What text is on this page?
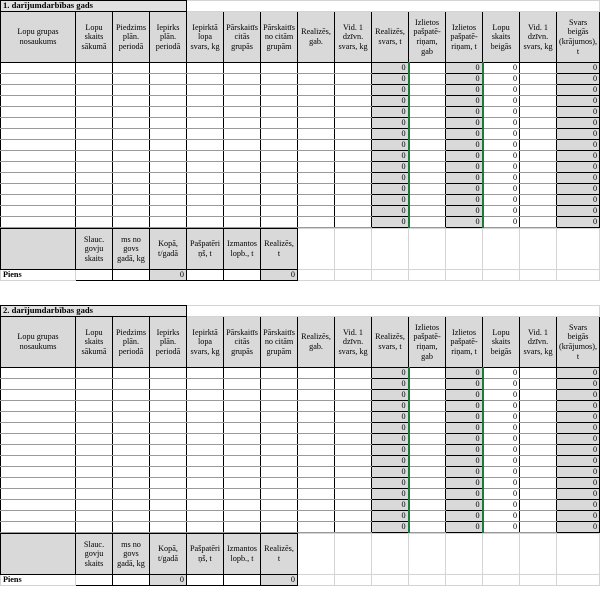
1. darījumdarbības gads														
Lopu grupas nosaukums	Lopu skaits sākumā	Piedzims plān. periodā	Iepirks plān. periodā	Iepirktā lopa svars, kg	Pārskaitīs citās grupās	Pārskaitīs no citām grupām	Realizēs, gab.	Vid. 1 dzīvn. svars, kg	Realizēs, svars, t	Izlietos pašpatē-riņam, gab	Izlietos pašpatē-riņam, t	Lopu skaits beigās	Vid. 1 dzīvn. svars, kg	Svars beigās (krājumos), t
									0		0	0		0
									0		0	0		0
									0		0	0		0
									0		0	0		0
									0		0	0		0
									0		0	0		0
									0		0	0		0
									0		0	0		0
									0		0	0		0
									0		0	0		0
									0		0	0		0
									0		0	0		0
									0		0	0		0
									0		0	0		0
									0		0	0		0
	Slauc. govju skaits	ms no govs gadā, kg	Kopā, t/gadā	Pašpatēri ņš, t	Izmantos lopb., t	Realizēs, t								
Piens			0			0								
2. darījumdarbības gads														
Lopu grupas nosaukums	Lopu skaits sākumā	Piedzims plān. periodā	Iepirks plān. periodā	Iepirktā lopa svars, kg	Pārskaitīs citās grupās	Pārskaitīs no citām grupām	Realizēs, gab.	Vid. 1 dzīvn. svars, kg	Realizēs, svars, t	Izlietos pašpatē-riņam, gab	Izlietos pašpatē-riņam, t	Lopu skaits beigās	Vid. 1 dzīvn. svars, kg	Svars beigās (krājumos), t
									0		0	0		0
									0		0	0		0
									0		0	0		0
									0		0	0		0
									0		0	0		0
									0		0	0		0
									0		0	0		0
									0		0	0		0
									0		0	0		0
									0		0	0		0
									0		0	0		0
									0		0	0		0
									0		0	0		0
									0		0	0		0
									0		0	0		0
	Slauc. govju skaits	ms no govs gadā, kg	Kopā, t/gadā	Pašpatēri ņš, t	Izmantos lopb., t	Realizēs, t								
Piens			0			0								
